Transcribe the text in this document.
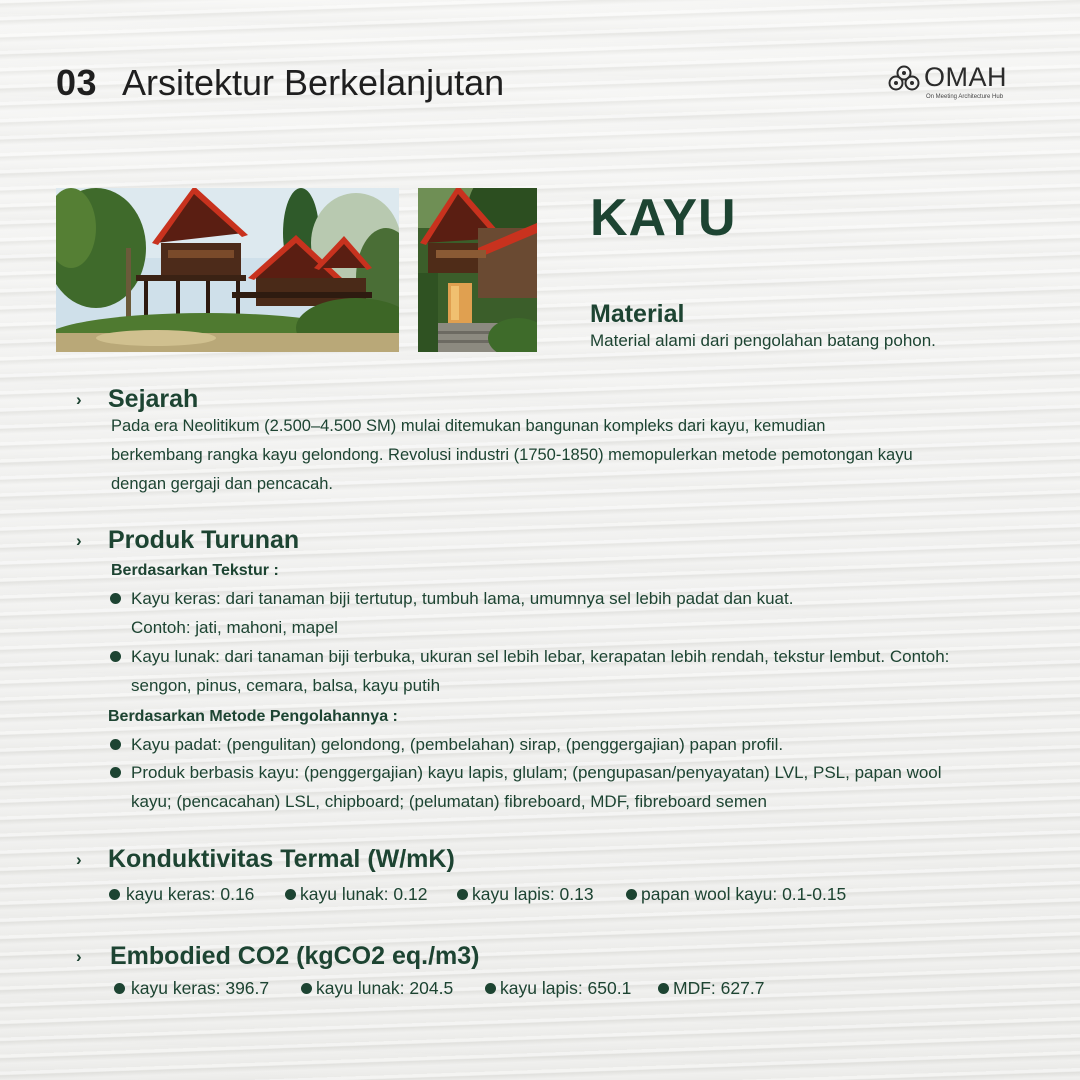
03 Arsitektur Berkelanjutan	OMAH
On Meeting Architecture Hub
KAYU
Material
Material alami dari pengolahan batang pohon.
› Sejarah
Pada era Neolitikum (2.500–4.500 SM) mulai ditemukan bangunan kompleks dari kayu, kemudian
berkembang rangka kayu gelondong. Revolusi industri (1750-1850) memopulerkan metode pemotongan kayu
dengan gergaji dan pencacah.
› Produk Turunan
Berdasarkan Tekstur :
Kayu keras: dari tanaman biji tertutup, tumbuh lama, umumnya sel lebih padat dan kuat.
Contoh: jati, mahoni, mapel
Kayu lunak: dari tanaman biji terbuka, ukuran sel lebih lebar, kerapatan lebih rendah, tekstur lembut. Contoh:
sengon, pinus, cemara, balsa, kayu putih
Berdasarkan Metode Pengolahannya :
Kayu padat: (pengulitan) gelondong, (pembelahan) sirap, (penggergajian) papan profil.
Produk berbasis kayu: (penggergajian) kayu lapis, glulam; (pengupasan/penyayatan) LVL, PSL, papan wool
kayu; (pencacahan) LSL, chipboard; (pelumatan) fibreboard, MDF, fibreboard semen
› Konduktivitas Termal (W/mK)
kayu keras: 0.16	kayu lunak: 0.12	kayu lapis: 0.13	papan wool kayu: 0.1-0.15
› Embodied CO2 (kgCO2 eq./m3)
kayu keras: 396.7	kayu lunak: 204.5	kayu lapis: 650.1 MDF: 627.7
